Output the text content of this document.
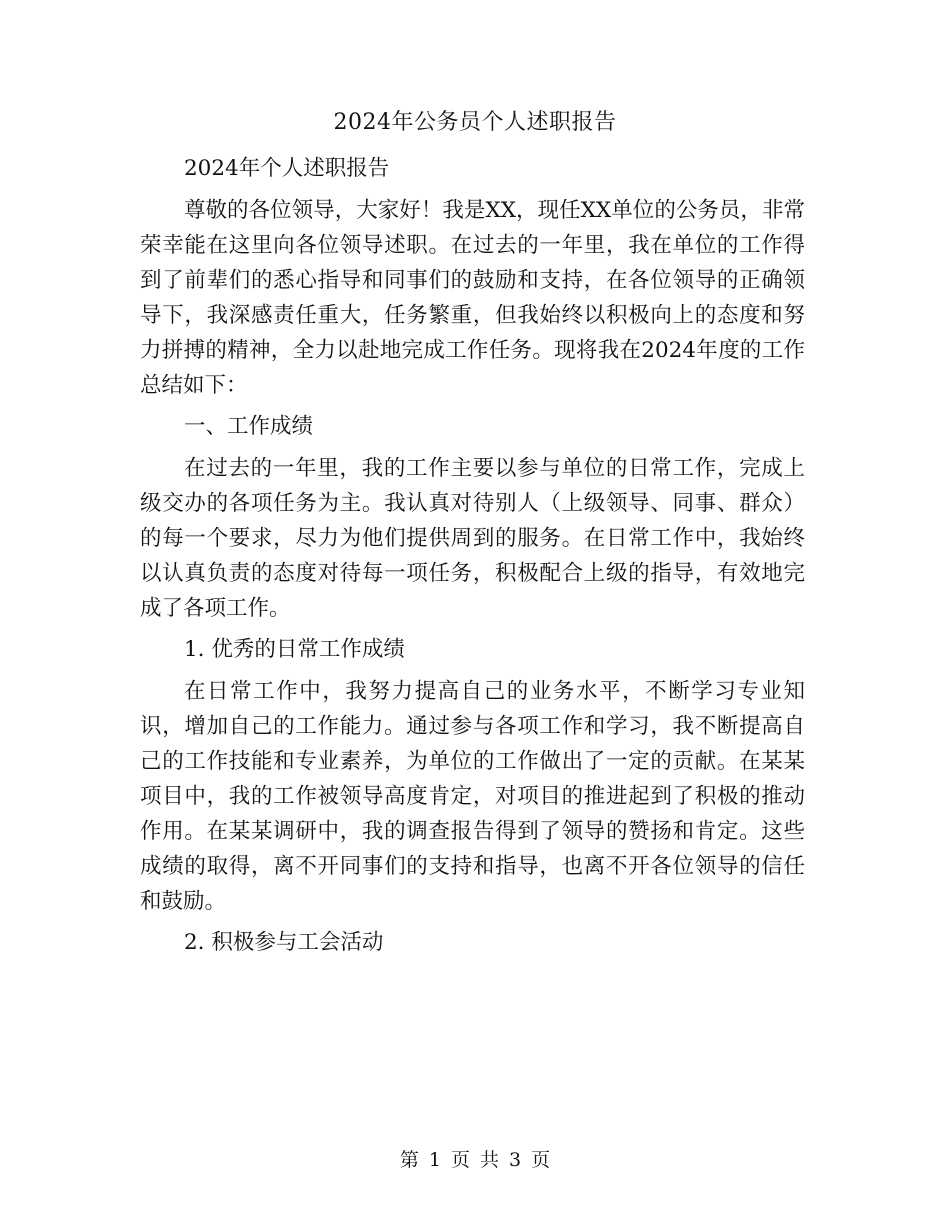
2024年公务员个人述职报告

2024年个人述职报告

尊敬的各位领导，大家好！我是XX，现任XX单位的公务员，非常荣幸能在这里向各位领导述职。在过去的一年里，我在单位的工作得到了前辈们的悉心指导和同事们的鼓励和支持，在各位领导的正确领导下，我深感责任重大，任务繁重，但我始终以积极向上的态度和努力拼搏的精神，全力以赴地完成工作任务。现将我在2024年度的工作总结如下：

一、工作成绩

在过去的一年里，我的工作主要以参与单位的日常工作，完成上级交办的各项任务为主。我认真对待别人（上级领导、同事、群众）的每一个要求，尽力为他们提供周到的服务。在日常工作中，我始终以认真负责的态度对待每一项任务，积极配合上级的指导，有效地完成了各项工作。

1. 优秀的日常工作成绩

在日常工作中，我努力提高自己的业务水平，不断学习专业知识，增加自己的工作能力。通过参与各项工作和学习，我不断提高自己的工作技能和专业素养，为单位的工作做出了一定的贡献。在某某项目中，我的工作被领导高度肯定，对项目的推进起到了积极的推动作用。在某某调研中，我的调查报告得到了领导的赞扬和肯定。这些成绩的取得，离不开同事们的支持和指导，也离不开各位领导的信任和鼓励。

2. 积极参与工会活动

第 1 页 共 3 页
